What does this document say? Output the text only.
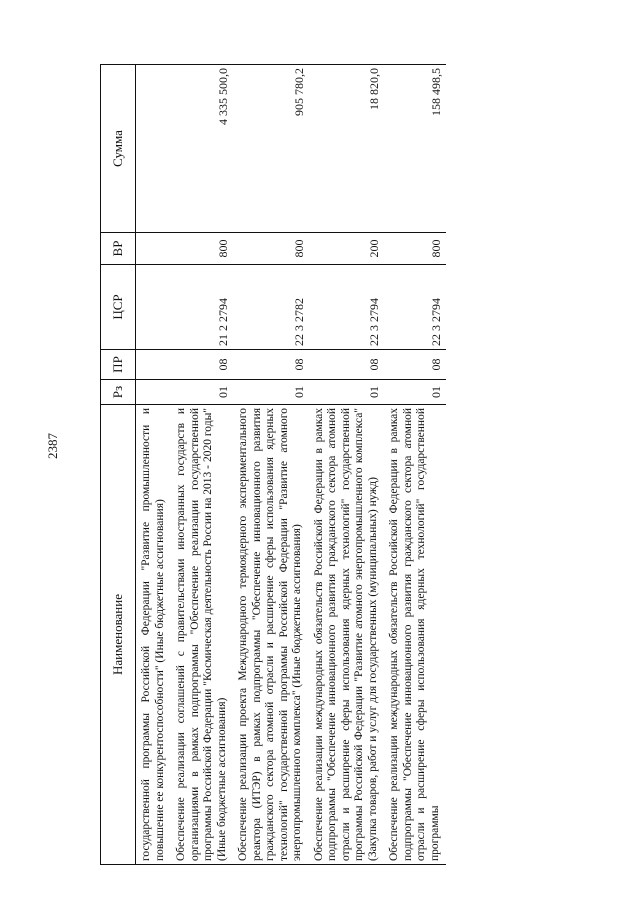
2387
Наименование	Рз	ПР	ЦСР	ВР	Сумма
государственной программы Российской Федерации "Развитие промышленности и повышение ее конкурентоспособности" (Иные бюджетные ассигнования)					
Обеспечение реализации соглашений с правительствами иностранных государств и организациями в рамках подпрограммы "Обеспечение реализации государственной программы Российской Федерации "Космическая деятельность России на 2013 - 2020 годы" (Иные бюджетные ассигнования)	01	08	21 2 2794	800	4 335 500,0
Обеспечение реализации проекта Международного термоядерного экспериментального реактора (ИТЭР) в рамках подпрограммы "Обеспечение инновационного развития гражданского сектора атомной отрасли и расширение сферы использования ядерных технологий" государственной программы Российской Федерации "Развитие атомного энергопромышленного комплекса" (Иные бюджетные ассигнования)	01	08	22 3 2782	800	905 780,2
Обеспечение реализации международных обязательств Российской Федерации в рамках подпрограммы "Обеспечение инновационного развития гражданского сектора атомной отрасли и расширение сферы использования ядерных технологий" государственной программы Российской Федерации "Развитие атомного энергопромышленного комплекса" (Закупка товаров, работ и услуг для государственных (муниципальных) нужд)	01	08	22 3 2794	200	18 820,0
Обеспечение реализации международных обязательств Российской Федерации в рамках подпрограммы "Обеспечение инновационного развития гражданского сектора атомной отрасли и расширение сферы использования ядерных технологий" государственной программы	01	08	22 3 2794	800	158 498,5
